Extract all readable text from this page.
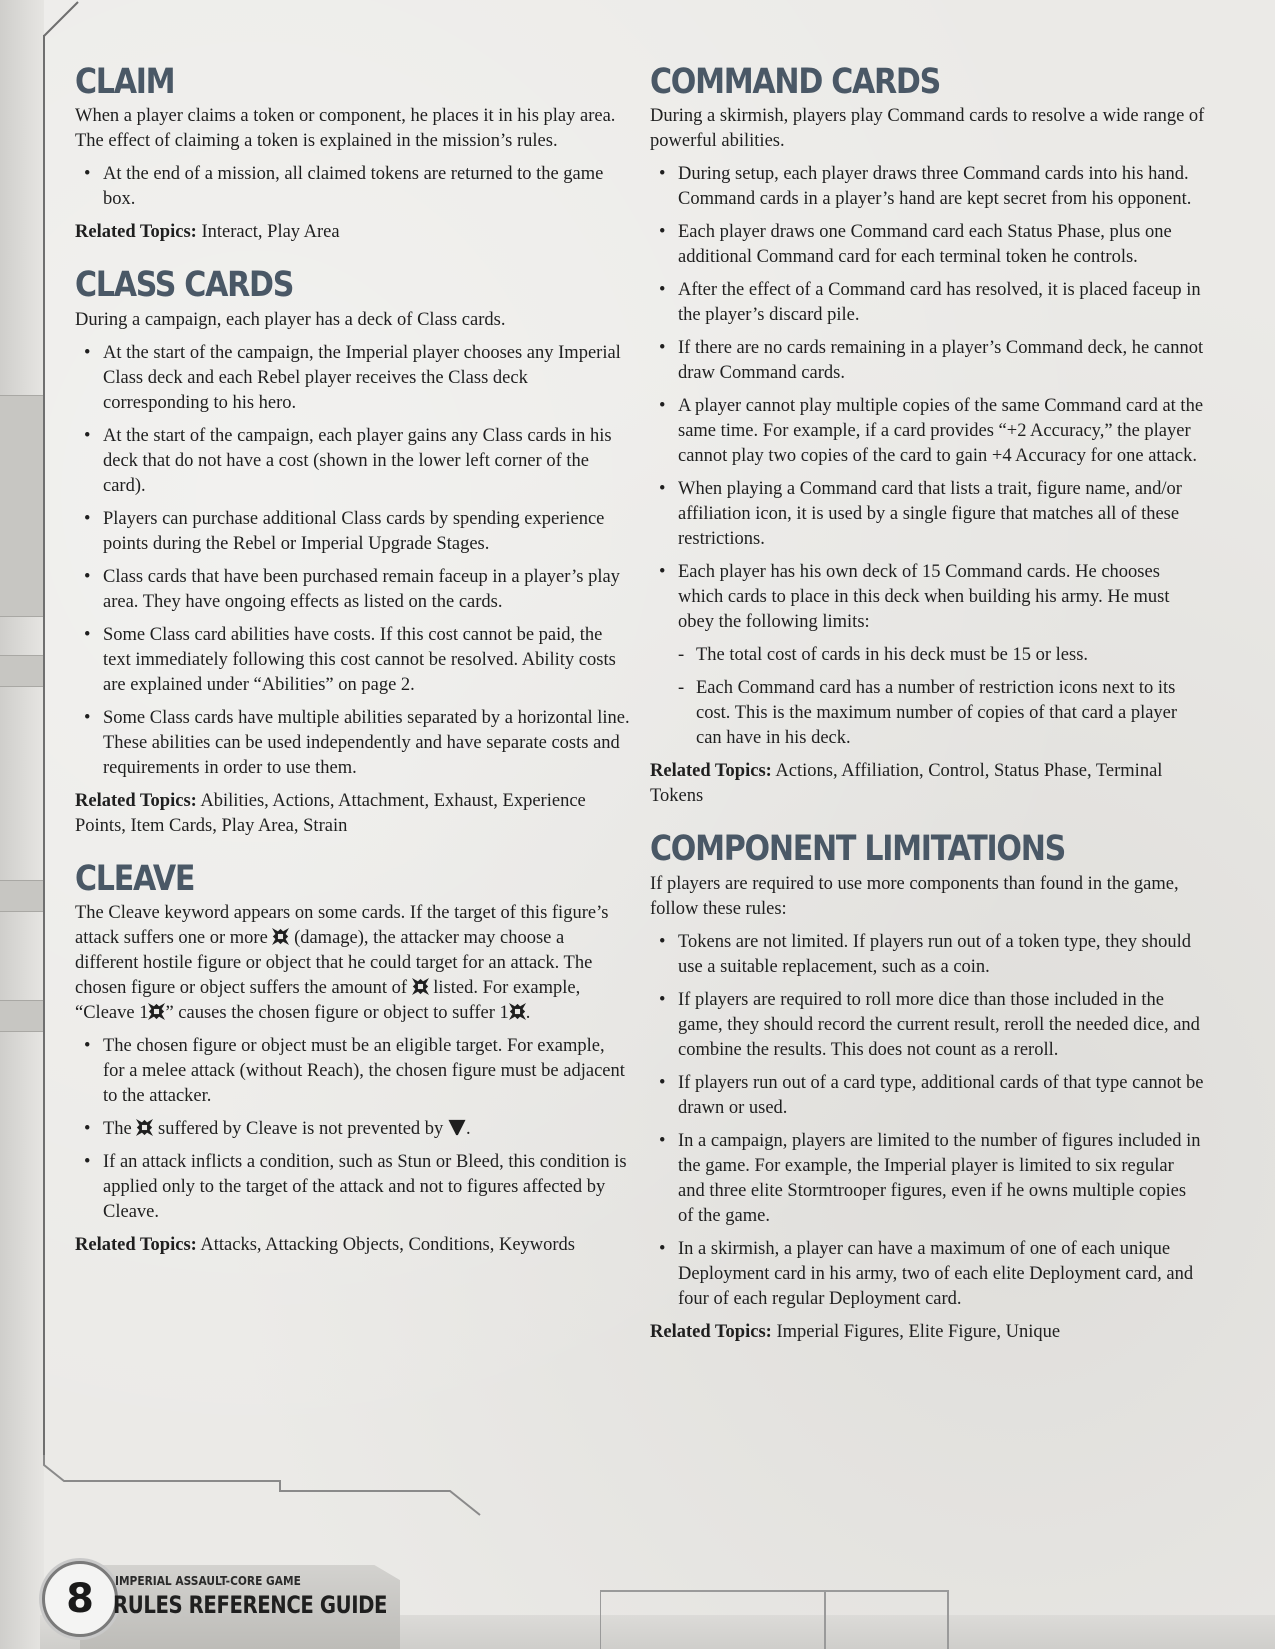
CLAIM

When a player claims a token or component, he places it in his play area. The effect of claiming a token is explained in the mission’s rules.

• At the end of a mission, all claimed tokens are returned to the game box.

Related Topics: Interact, Play Area

CLASS CARDS

During a campaign, each player has a deck of Class cards.

• At the start of the campaign, the Imperial player chooses any Imperial Class deck and each Rebel player receives the Class deck corresponding to his hero.
• At the start of the campaign, each player gains any Class cards in his deck that do not have a cost (shown in the lower left corner of the card).
• Players can purchase additional Class cards by spending experience points during the Rebel or Imperial Upgrade Stages.
• Class cards that have been purchased remain faceup in a player’s play area. They have ongoing effects as listed on the cards.
• Some Class card abilities have costs. If this cost cannot be paid, the text immediately following this cost cannot be resolved. Ability costs are explained under “Abilities” on page 2.
• Some Class cards have multiple abilities separated by a horizontal line. These abilities can be used independently and have separate costs and requirements in order to use them.

Related Topics: Abilities, Actions, Attachment, Exhaust, Experience Points, Item Cards, Play Area, Strain

CLEAVE

The Cleave keyword appears on some cards. If the target of this figure’s attack suffers one or more  (damage), the attacker may choose a different hostile figure or object that he could target for an attack. The chosen figure or object suffers the amount of  listed. For example, “Cleave 1 ” causes the chosen figure or object to suffer 1 .

• The chosen figure or object must be an eligible target. For example, for a melee attack (without Reach), the chosen figure must be adjacent to the attacker.
• The  suffered by Cleave is not prevented by .
• If an attack inflicts a condition, such as Stun or Bleed, this condition is applied only to the target of the attack and not to figures affected by Cleave.

Related Topics: Attacks, Attacking Objects, Conditions, Keywords

COMMAND CARDS

During a skirmish, players play Command cards to resolve a wide range of powerful abilities.

• During setup, each player draws three Command cards into his hand. Command cards in a player’s hand are kept secret from his opponent.
• Each player draws one Command card each Status Phase, plus one additional Command card for each terminal token he controls.
• After the effect of a Command card has resolved, it is placed faceup in the player’s discard pile.
• If there are no cards remaining in a player’s Command deck, he cannot draw Command cards.
• A player cannot play multiple copies of the same Command card at the same time. For example, if a card provides “+2 Accuracy,” the player cannot play two copies of the card to gain +4 Accuracy for one attack.
• When playing a Command card that lists a trait, figure name, and/or affiliation icon, it is used by a single figure that matches all of these restrictions.
• Each player has his own deck of 15 Command cards. He chooses which cards to place in this deck when building his army. He must obey the following limits:
- The total cost of cards in his deck must be 15 or less.
- Each Command card has a number of restriction icons next to its cost. This is the maximum number of copies of that card a player can have in his deck.

Related Topics: Actions, Affiliation, Control, Status Phase, Terminal Tokens

COMPONENT LIMITATIONS

If players are required to use more components than found in the game, follow these rules:

• Tokens are not limited. If players run out of a token type, they should use a suitable replacement, such as a coin.
• If players are required to roll more dice than those included in the game, they should record the current result, reroll the needed dice, and combine the results. This does not count as a reroll.
• If players run out of a card type, additional cards of that type cannot be drawn or used.
• In a campaign, players are limited to the number of figures included in the game. For example, the Imperial player is limited to six regular and three elite Stormtrooper figures, even if he owns multiple copies of the game.
• In a skirmish, a player can have a maximum of one of each unique Deployment card in his army, two of each elite Deployment card, and four of each regular Deployment card.

Related Topics: Imperial Figures, Elite Figure, Unique

8	IMPERIAL ASSAULT-CORE GAME
RULES REFERENCE GUIDE
